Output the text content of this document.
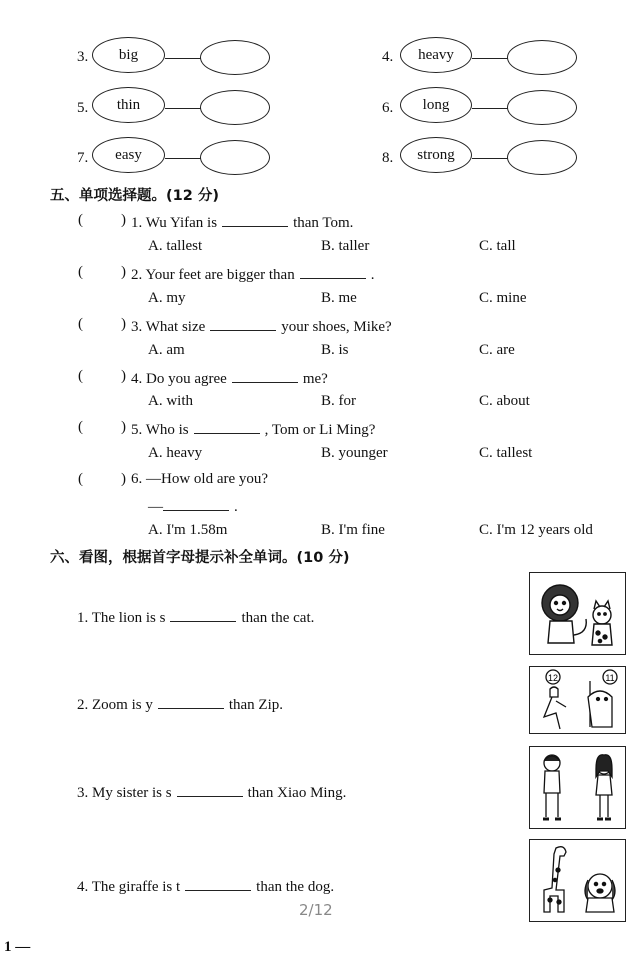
3.	big	4.	heavy
5.	thin	6.	long
7.	easy	8.	strong
五、单项选择题。(12 分)
(	) 1. Wu Yifan is	than Tom.
A. tallest	B. taller	C. tall
(	) 2. Your feet are bigger than	.
A. my	B. me	C. mine
(	) 3. What size	your shoes, Mike?
A. am	B. is	C. are
(	) 4. Do you agree	me?
A. with	B. for	C. about
(	) 5. Who is	, Tom or Li Ming?
A. heavy	B. younger	C. tallest
(	) 6. —How old are you?
—	.
A. I'm 1.58m	B. I'm fine	C. I'm 12 years old
六、看图，根据首字母提示补全单词。(10 分)
1. The lion is s	than the cat.
2. Zoom is y	than Zip.
3. My sister is s	than Xiao Ming.
4. The giraffe is t	than the dog.
12	11
2/12
1 —
